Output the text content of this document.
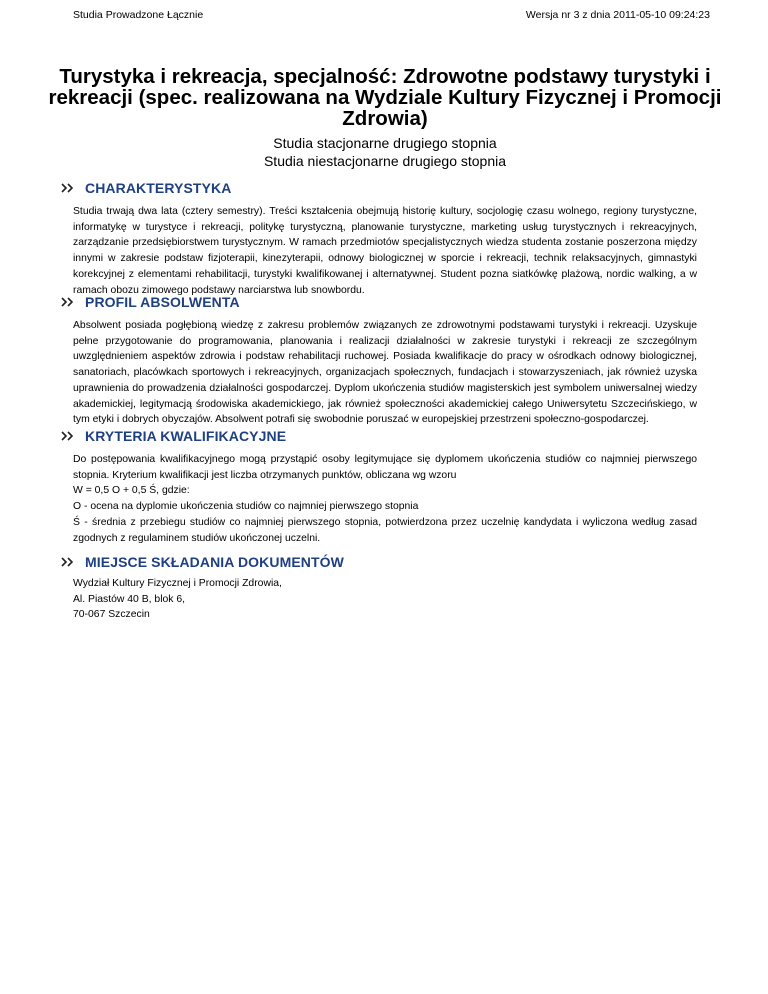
Studia Prowadzone Łącznie	Wersja nr 3 z dnia 2011-05-10 09:24:23
Turystyka i rekreacja, specjalność: Zdrowotne podstawy turystyki i rekreacji (spec. realizowana na Wydziale Kultury Fizycznej i Promocji Zdrowia)
Studia stacjonarne drugiego stopnia
Studia niestacjonarne drugiego stopnia
CHARAKTERYSTYKA

Studia trwają dwa lata (cztery semestry). Treści kształcenia obejmują historię kultury, socjologię czasu wolnego, regiony turystyczne, informatykę w turystyce i rekreacji, politykę turystyczną, planowanie turystyczne, marketing usług turystycznych i rekreacyjnych, zarządzanie przedsiębiorstwem turystycznym. W ramach przedmiotów specjalistycznych wiedza studenta zostanie poszerzona między innymi w zakresie podstaw fizjoterapii, kinezyterapii, odnowy biologicznej w sporcie i rekreacji, technik relaksacyjnych, gimnastyki korekcyjnej z elementami rehabilitacji, turystyki kwalifikowanej i alternatywnej. Student pozna siatkówkę plażową, nordic walking, a w ramach obozu zimowego podstawy narciarstwa lub snowbordu.

PROFIL ABSOLWENTA

Absolwent posiada pogłębioną wiedzę z zakresu problemów związanych ze zdrowotnymi podstawami turystyki i rekreacji. Uzyskuje pełne przygotowanie do programowania, planowania i realizacji działalności w zakresie turystyki i rekreacji ze szczególnym uwzględnieniem aspektów zdrowia i podstaw rehabilitacji ruchowej. Posiada kwalifikacje do pracy w ośrodkach odnowy biologicznej, sanatoriach, placówkach sportowych i rekreacyjnych, organizacjach społecznych, fundacjach i stowarzyszeniach, jak również uzyska uprawnienia do prowadzenia działalności gospodarczej. Dyplom ukończenia studiów magisterskich jest symbolem uniwersalnej wiedzy akademickiej, legitymacją środowiska akademickiego, jak również społeczności akademickiej całego Uniwersytetu Szczecińskiego, w tym etyki i dobrych obyczajów. Absolwent potrafi się swobodnie poruszać w europejskiej przestrzeni społeczno-gospodarczej.

KRYTERIA KWALIFIKACYJNE
Do postępowania kwalifikacyjnego mogą przystąpić osoby legitymujące się dyplomem ukończenia studiów co najmniej pierwszego stopnia. Kryterium kwalifikacji jest liczba otrzymanych punktów, obliczana wg wzoru
W = 0,5 O + 0,5 Ś, gdzie:
O - ocena na dyplomie ukończenia studiów co najmniej pierwszego stopnia
Ś - średnia z przebiegu studiów co najmniej pierwszego stopnia, potwierdzona przez uczelnię kandydata i wyliczona według zasad zgodnych z regulaminem studiów ukończonej uczelni.
MIEJSCE SKŁADANIA DOKUMENTÓW
Wydział Kultury Fizycznej i Promocji Zdrowia,
Al. Piastów 40 B, blok 6,
70-067 Szczecin
